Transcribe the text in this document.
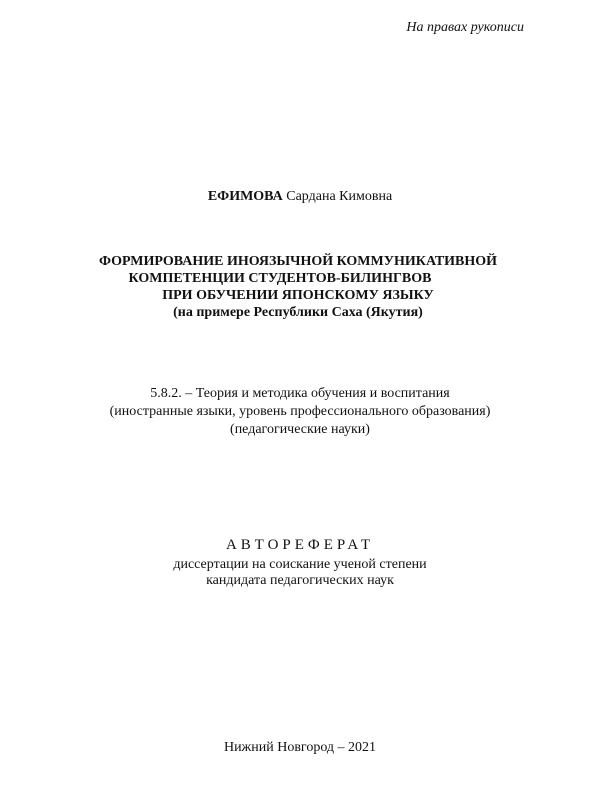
На правах рукописи

ЕФИМОВА Сардана Кимовна

ФОРМИРОВАНИЕ ИНОЯЗЫЧНОЙ КОММУНИКАТИВНОЙ

КОМПЕТЕНЦИИ СТУДЕНТОВ-БИЛИНГВОВ

ПРИ ОБУЧЕНИИ ЯПОНСКОМУ ЯЗЫКУ

(на примере Республики Саха (Якутия)

5.8.2. – Теория и методика обучения и воспитания

(иностранные языки, уровень профессионального образования)

(педагогические науки)

АВТОРЕФЕРАТ

диссертации на соискание ученой степени

кандидата педагогических наук

Нижний Новгород – 2021
